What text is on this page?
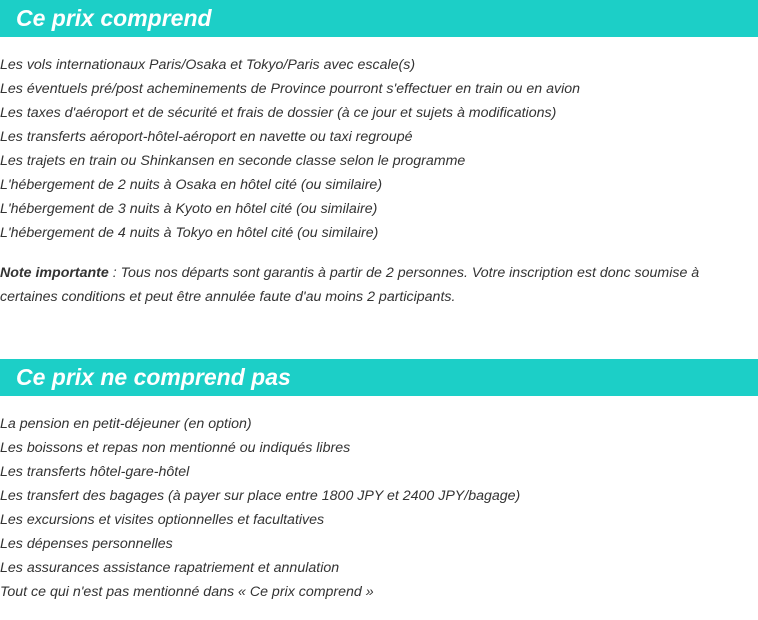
Ce prix comprend
Les vols internationaux Paris/Osaka et Tokyo/Paris avec escale(s)
Les éventuels pré/post acheminements de Province pourront s'effectuer en train ou en avion
Les taxes d'aéroport et de sécurité et frais de dossier (à ce jour et sujets à modifications)
Les transferts aéroport-hôtel-aéroport en navette ou taxi regroupé
Les trajets en train ou Shinkansen en seconde classe selon le programme
L'hébergement de 2 nuits à Osaka en hôtel cité (ou similaire)
L'hébergement de 3 nuits à Kyoto en hôtel cité (ou similaire)
L'hébergement de 4 nuits à Tokyo en hôtel cité (ou similaire)

Note importante : Tous nos départs sont garantis à partir de 2 personnes. Votre inscription est donc soumise à certaines conditions et peut être annulée faute d'au moins 2 participants.

Ce prix ne comprend pas
La pension en petit-déjeuner (en option)
Les boissons et repas non mentionné ou indiqués libres
Les transferts hôtel-gare-hôtel
Les transfert des bagages (à payer sur place entre 1800 JPY et 2400 JPY/bagage)
Les excursions et visites optionnelles et facultatives
Les dépenses personnelles
Les assurances assistance rapatriement et annulation
Tout ce qui n'est pas mentionné dans « Ce prix comprend »
